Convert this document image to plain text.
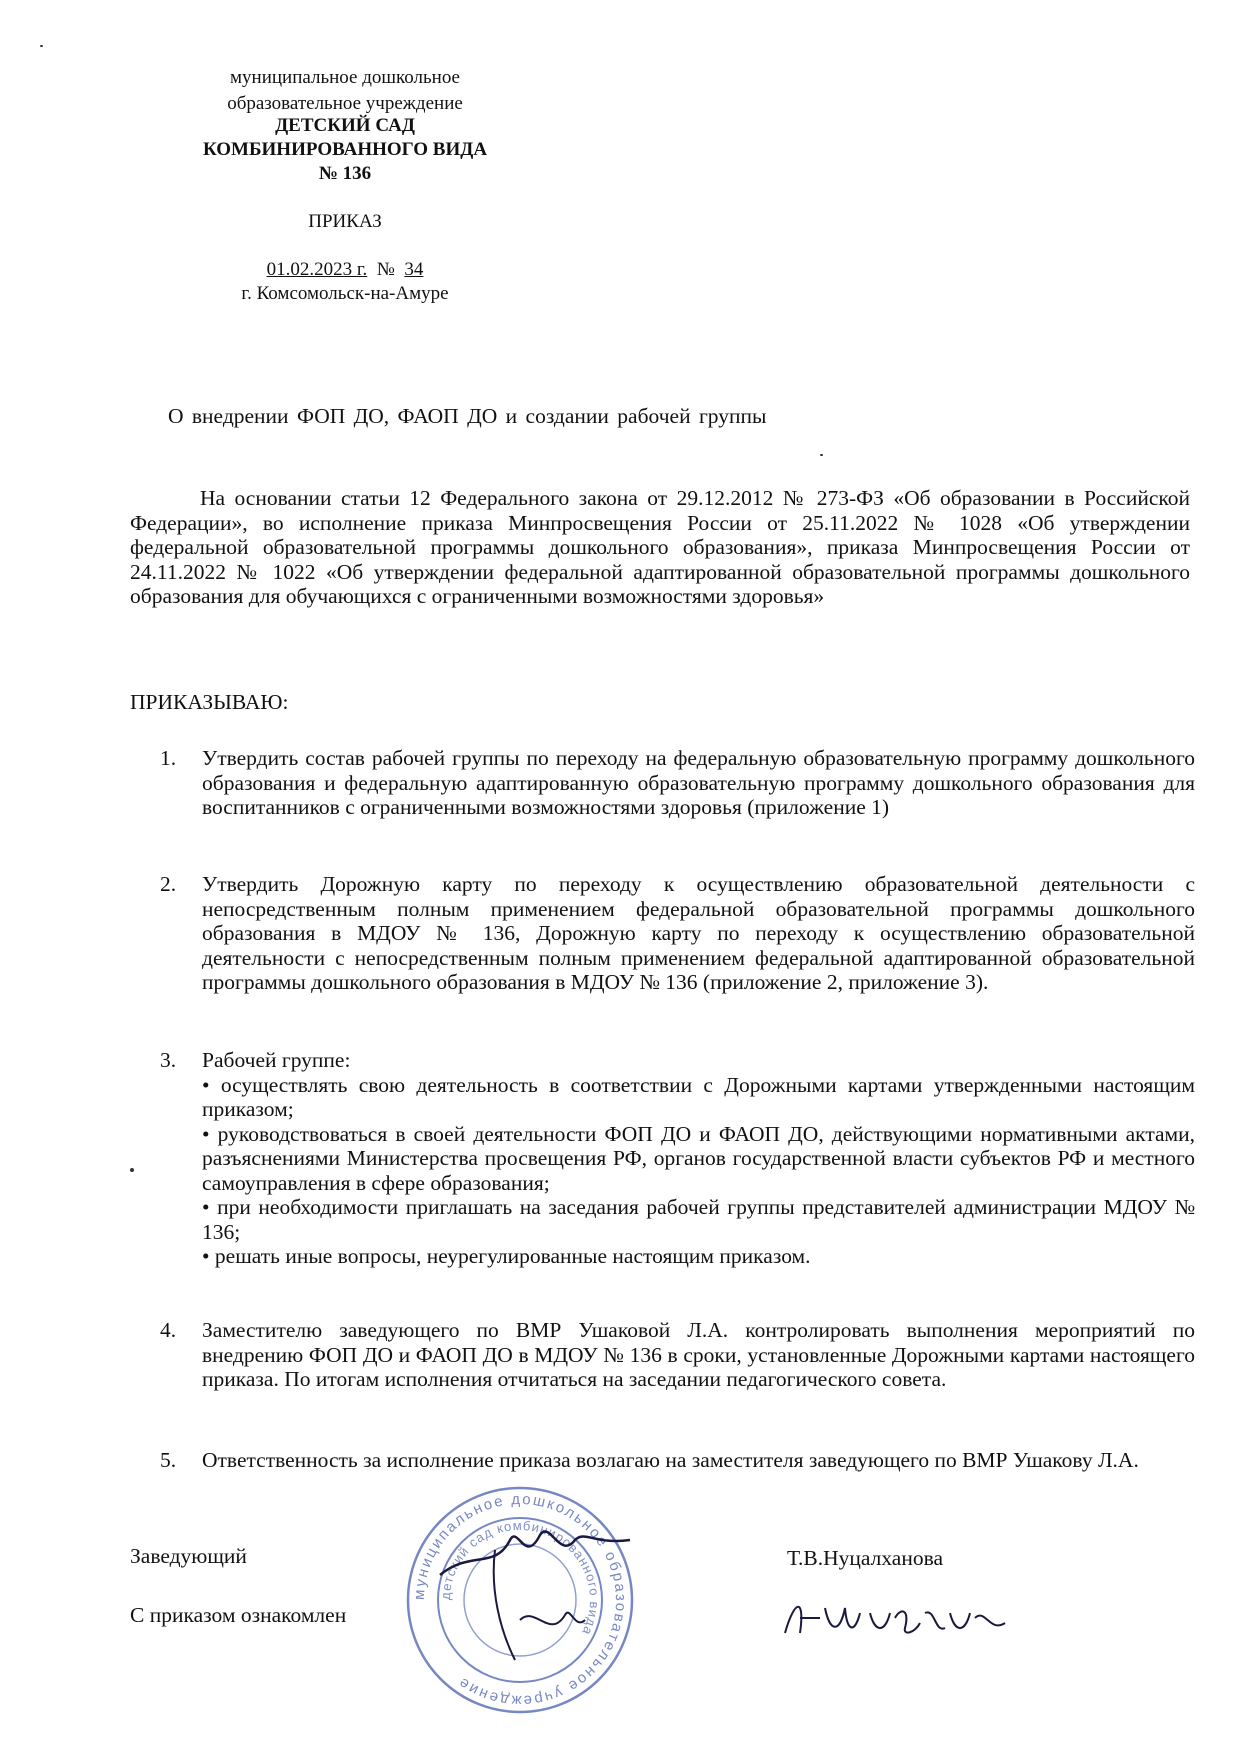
муниципальное дошкольное
образовательное учреждение
ДЕТСКИЙ САД
КОМБИНИРОВАННОГО ВИДА
№ 136
ПРИКАЗ
01.02.2023 г. № 34
г. Комсомольск-на-Амуре
О внедрении ФОП ДО, ФАОП ДО и создании рабочей группы
На основании статьи 12 Федерального закона от 29.12.2012 № 273-ФЗ «Об образовании в Российской Федерации», во исполнение приказа Минпросвещения России от 25.11.2022 № 1028 «Об утверждении федеральной образовательной программы дошкольного образования», приказа Минпросвещения России от 24.11.2022 № 1022 «Об утверждении федеральной адаптированной образовательной программы дошкольного образования для обучающихся с ограниченными возможностями здоровья»
ПРИКАЗЫВАЮ:
1.	Утвердить состав рабочей группы по переходу на федеральную образовательную программу дошкольного образования и федеральную адаптированную образовательную программу дошкольного образования для воспитанников с ограниченными возможностями здоровья (приложение 1)
2.	Утвердить Дорожную карту по переходу к осуществлению образовательной деятельности с непосредственным полным применением федеральной образовательной программы дошкольного образования в МДОУ № 136, Дорожную карту по переходу к осуществлению образовательной деятельности с непосредственным полным применением федеральной адаптированной образовательной программы дошкольного образования в МДОУ № 136 (приложение 2, приложение 3).
3.	Рабочей группе:
• осуществлять свою деятельность в соответствии с Дорожными картами утвержденными настоящим приказом;
• руководствоваться в своей деятельности ФОП ДО и ФАОП ДО, действующими нормативными актами, разъяснениями Министерства просвещения РФ, органов государственной власти субъектов РФ и местного самоуправления в сфере образования;
• при необходимости приглашать на заседания рабочей группы представителей администрации МДОУ № 136;
• решать иные вопросы, неурегулированные настоящим приказом.
4.	Заместителю заведующего по ВМР Ушаковой Л.А. контролировать выполнения мероприятий по внедрению ФОП ДО и ФАОП ДО в МДОУ № 136 в сроки, установленные Дорожными картами настоящего приказа. По итогам исполнения отчитаться на заседании педагогического совета.
5.	Ответственность за исполнение приказа возлагаю на заместителя заведующего по ВМР Ушакову Л.А.
Заведующий	Т.В.Нуцалханова
С приказом ознакомлен
муниципальное дошкольное образовательное учреждение
детский сад комбинированного вида
